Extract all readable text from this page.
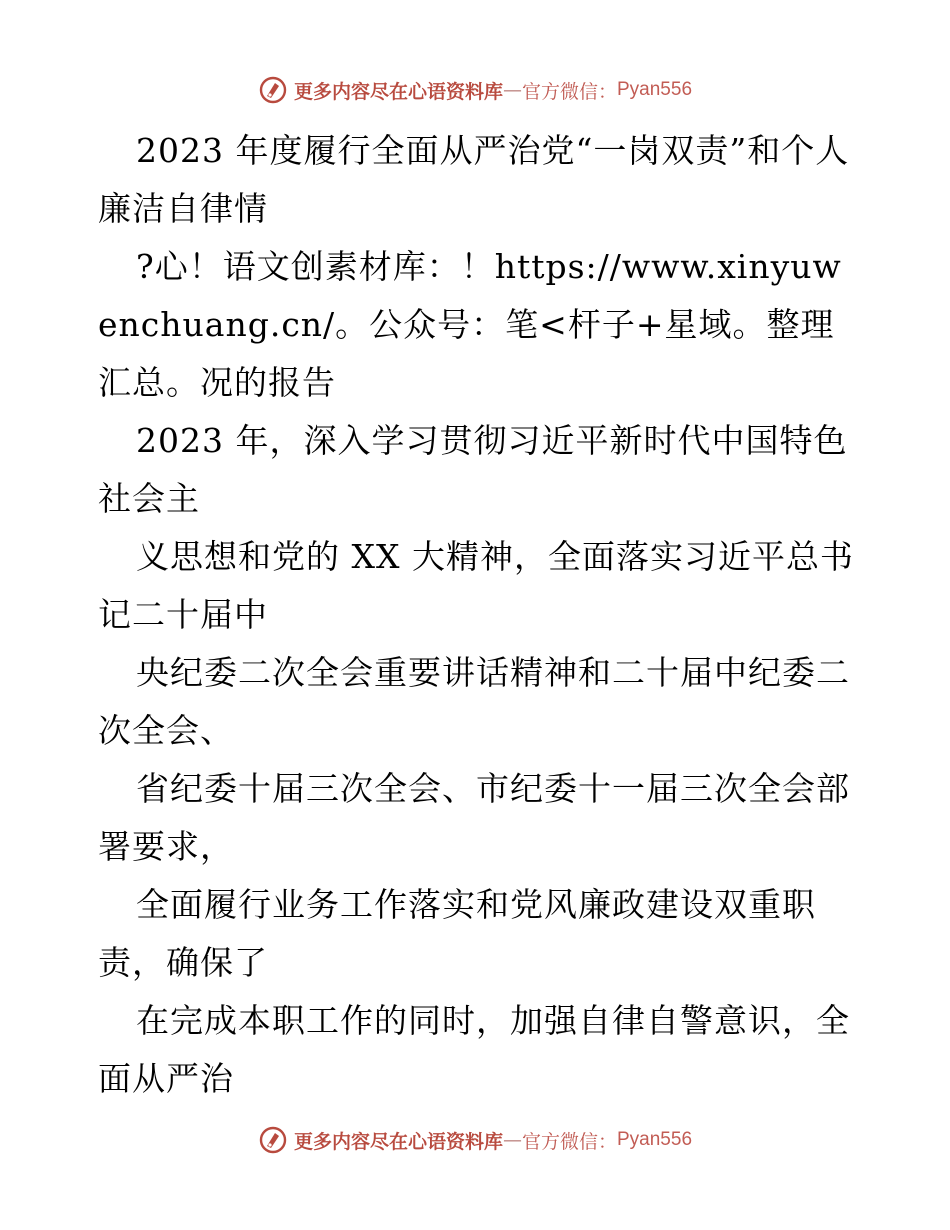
更多内容尽在心语资料库 — 官方微信： Pyan556

2023 年度履行全面从严治党“一岗双责”和个人廉洁自律情

?心！语文创素材库：！https://www.xinyuwenchuang.cn/。公众号：笔<杆子+星域。整理汇总。况的报告

2023 年，深入学习贯彻习近平新时代中国特色社会主

义思想和党的 XX 大精神，全面落实习近平总书记二十届中

央纪委二次全会重要讲话精神和二十届中纪委二次全会、

省纪委十届三次全会、市纪委十一届三次全会部署要求，

全面履行业务工作落实和党风廉政建设双重职责，确保了

在完成本职工作的同时，加强自律自警意识，全面从严治

更多内容尽在心语资料库 — 官方微信： Pyan556
